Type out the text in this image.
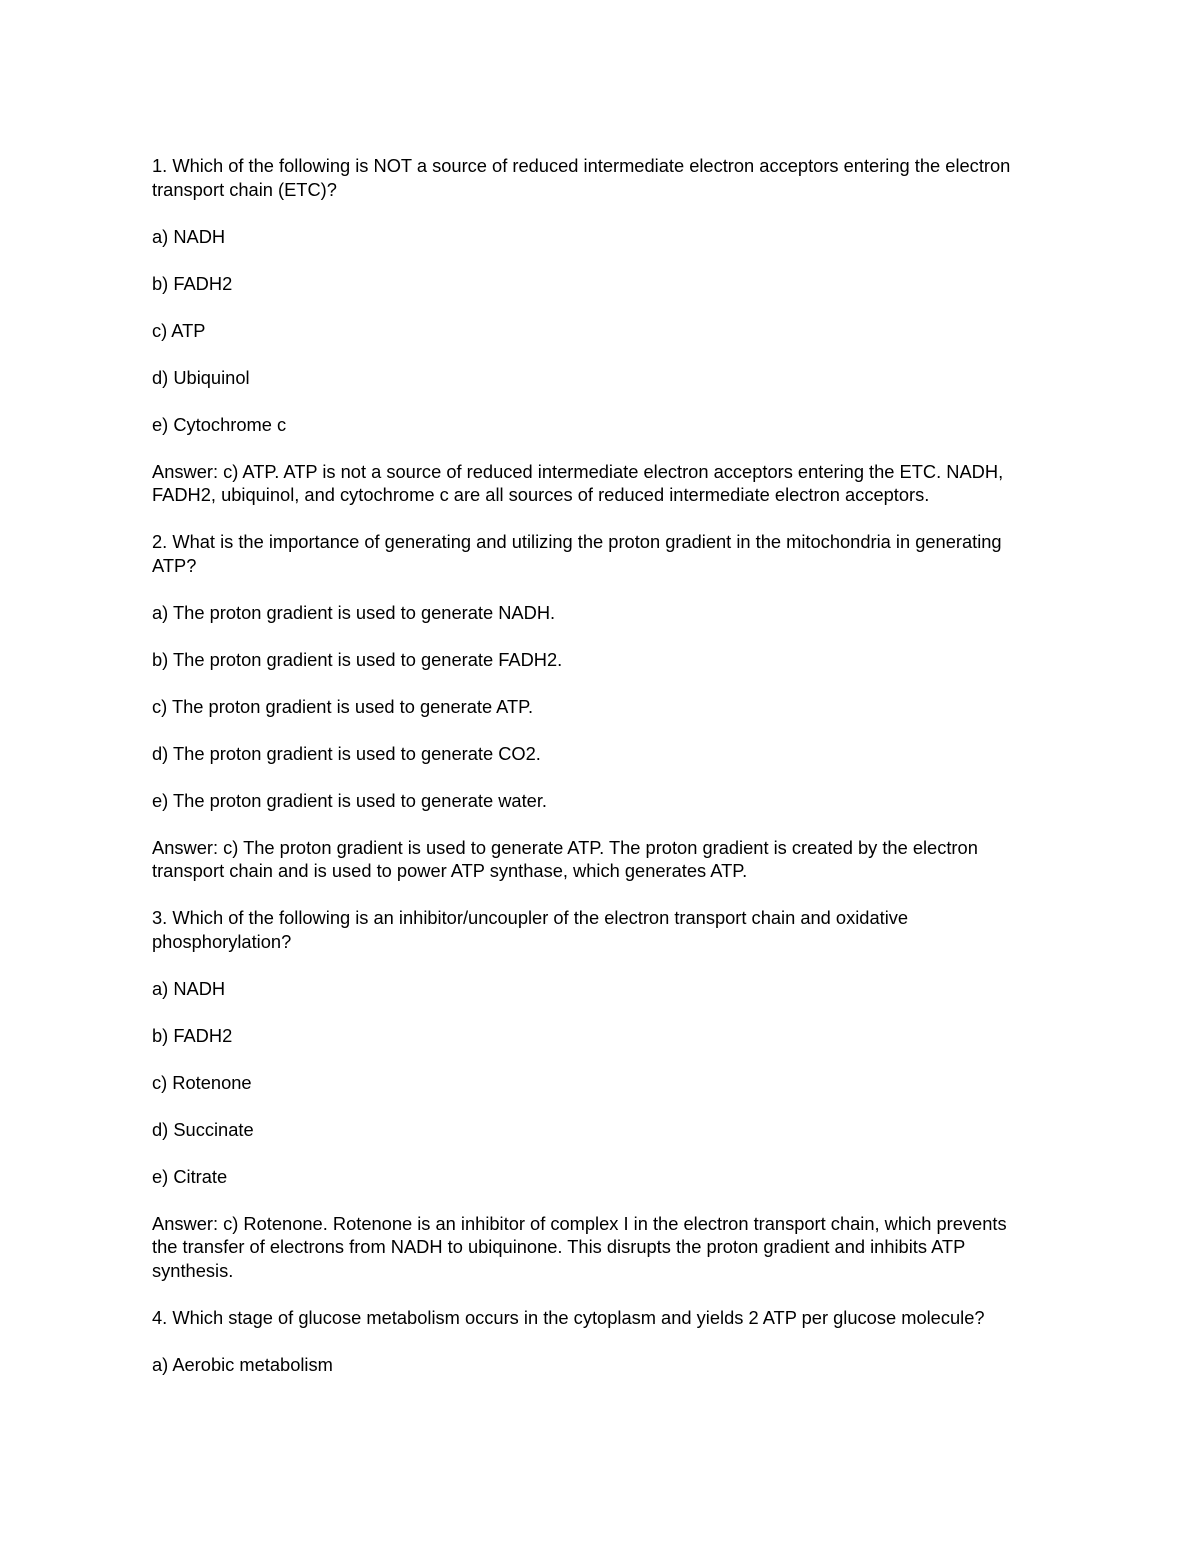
1. Which of the following is NOT a source of reduced intermediate electron acceptors entering the electron transport chain (ETC)?

a) NADH

b) FADH2

c) ATP

d) Ubiquinol

e) Cytochrome c

Answer: c) ATP. ATP is not a source of reduced intermediate electron acceptors entering the ETC. NADH, FADH2, ubiquinol, and cytochrome c are all sources of reduced intermediate electron acceptors.

2. What is the importance of generating and utilizing the proton gradient in the mitochondria in generating ATP?

a) The proton gradient is used to generate NADH.

b) The proton gradient is used to generate FADH2.

c) The proton gradient is used to generate ATP.

d) The proton gradient is used to generate CO2.

e) The proton gradient is used to generate water.

Answer: c) The proton gradient is used to generate ATP. The proton gradient is created by the electron transport chain and is used to power ATP synthase, which generates ATP.

3. Which of the following is an inhibitor/uncoupler of the electron transport chain and oxidative phosphorylation?

a) NADH

b) FADH2

c) Rotenone

d) Succinate

e) Citrate

Answer: c) Rotenone. Rotenone is an inhibitor of complex I in the electron transport chain, which prevents the transfer of electrons from NADH to ubiquinone. This disrupts the proton gradient and inhibits ATP synthesis.

4. Which stage of glucose metabolism occurs in the cytoplasm and yields 2 ATP per glucose molecule?

a) Aerobic metabolism
